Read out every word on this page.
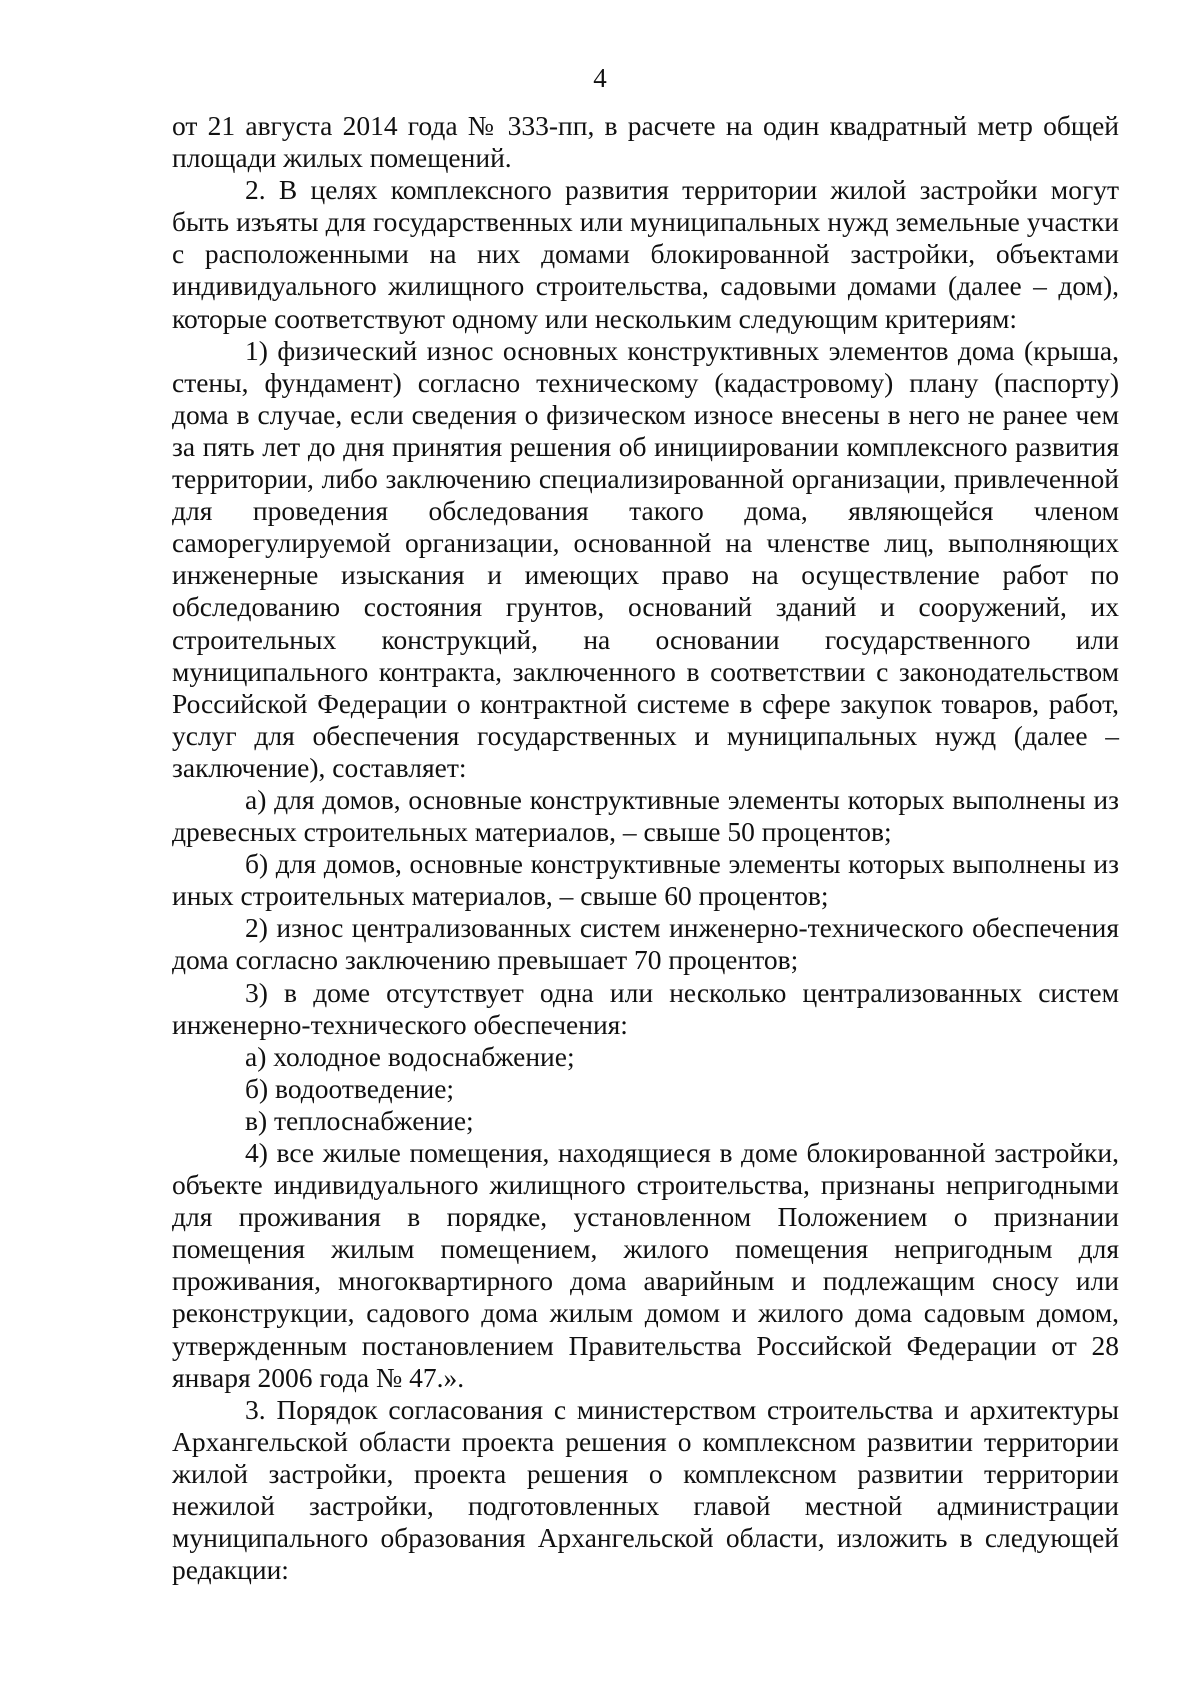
4

от 21 августа 2014 года № 333-пп, в расчете на один квадратный метр общей площади жилых помещений.

2. В целях комплексного развития территории жилой застройки могут быть изъяты для государственных или муниципальных нужд земельные участки с расположенными на них домами блокированной застройки, объектами индивидуального жилищного строительства, садовыми домами (далее – дом), которые соответствуют одному или нескольким следующим критериям:

1) физический износ основных конструктивных элементов дома (крыша, стены, фундамент) согласно техническому (кадастровому) плану (паспорту) дома в случае, если сведения о физическом износе внесены в него не ранее чем за пять лет до дня принятия решения об инициировании комплексного развития территории, либо заключению специализированной организации, привлеченной для проведения обследования такого дома, являющейся членом саморегулируемой организации, основанной на членстве лиц, выполняющих инженерные изыскания и имеющих право на осуществление работ по обследованию состояния грунтов, оснований зданий и сооружений, их строительных конструкций, на основании государственного или муниципального контракта, заключенного в соответствии с законодательством Российской Федерации о контрактной системе в сфере закупок товаров, работ, услуг для обеспечения государственных и муниципальных нужд (далее – заключение), составляет:

а) для домов, основные конструктивные элементы которых выполнены из древесных строительных материалов, – свыше 50 процентов;

б) для домов, основные конструктивные элементы которых выполнены из иных строительных материалов, – свыше 60 процентов;

2) износ централизованных систем инженерно-технического обеспечения дома согласно заключению превышает 70 процентов;

3) в доме отсутствует одна или несколько централизованных систем инженерно-технического обеспечения:

а) холодное водоснабжение;

б) водоотведение;

в) теплоснабжение;

4) все жилые помещения, находящиеся в доме блокированной застройки, объекте индивидуального жилищного строительства, признаны непригодными для проживания в порядке, установленном Положением о признании помещения жилым помещением, жилого помещения непригодным для проживания, многоквартирного дома аварийным и подлежащим сносу или реконструкции, садового дома жилым домом и жилого дома садовым домом, утвержденным постановлением Правительства Российской Федерации от 28 января 2006 года № 47.».

3. Порядок согласования с министерством строительства и архитектуры Архангельской области проекта решения о комплексном развитии территории жилой застройки, проекта решения о комплексном развитии территории нежилой застройки, подготовленных главой местной администрации муниципального образования Архангельской области, изложить в следующей редакции:
